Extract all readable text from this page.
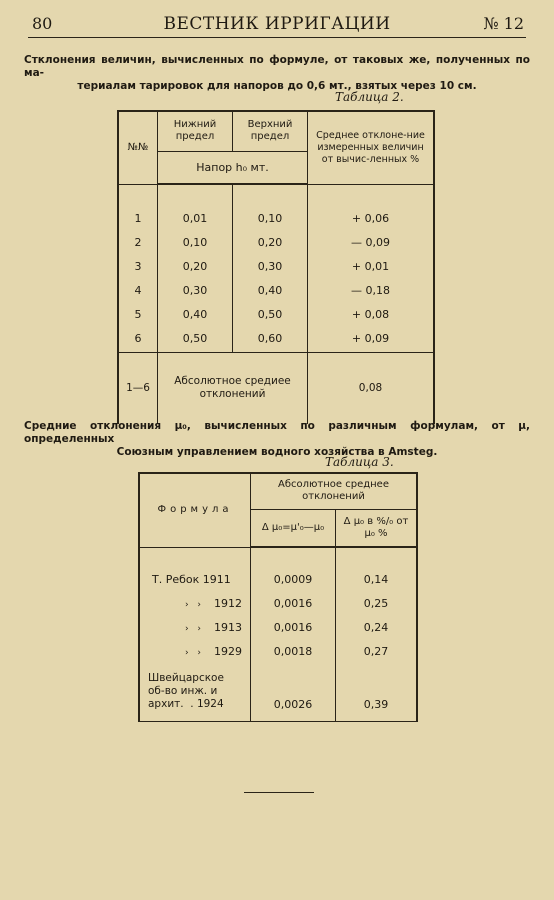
80	ВЕСТНИК ИРРИГАЦИИ	№ 12
Стклонения величин, вычисленных по формуле, от таковых же, полученных по ма-
териалам тарировок для напоров до 0,6 мт., взятых через 10 см.
Таблица 2.
№№	Нижний предел	Верхний предел	Среднее отклоне-ние измеренных величин от вычис-ленных %
	Напор h₀ мт.		

1	0,01	0,10	+ 0,06
2	0,10	0,20	— 0,09
3	0,20	0,30	+ 0,01
4	0,30	0,40	— 0,18
5	0,40	0,50	+ 0,08
6	0,50	0,60	+ 0,09
1—6	Абсолютное средиее отклонений		0,08
Средние отклонения μ₀, вычисленных по различным формулам, от μ, определенных
Союзным управлением водного хозяйства в Amsteg.
Таблица 3.
Формула	Абсолютное среднее отклонений	
	Δ μ₀=μ'₀—μ₀	Δ μ₀ в %/₀ от μ₀ %

Т. Ребок 1911	0,0009	0,14
› › 1912	0,0016	0,25
› › 1913	0,0016	0,24
› › 1929	0,0018	0,27

Швейцарское
об-во инж. и
архит.  . 1924	0,0026	0,39
